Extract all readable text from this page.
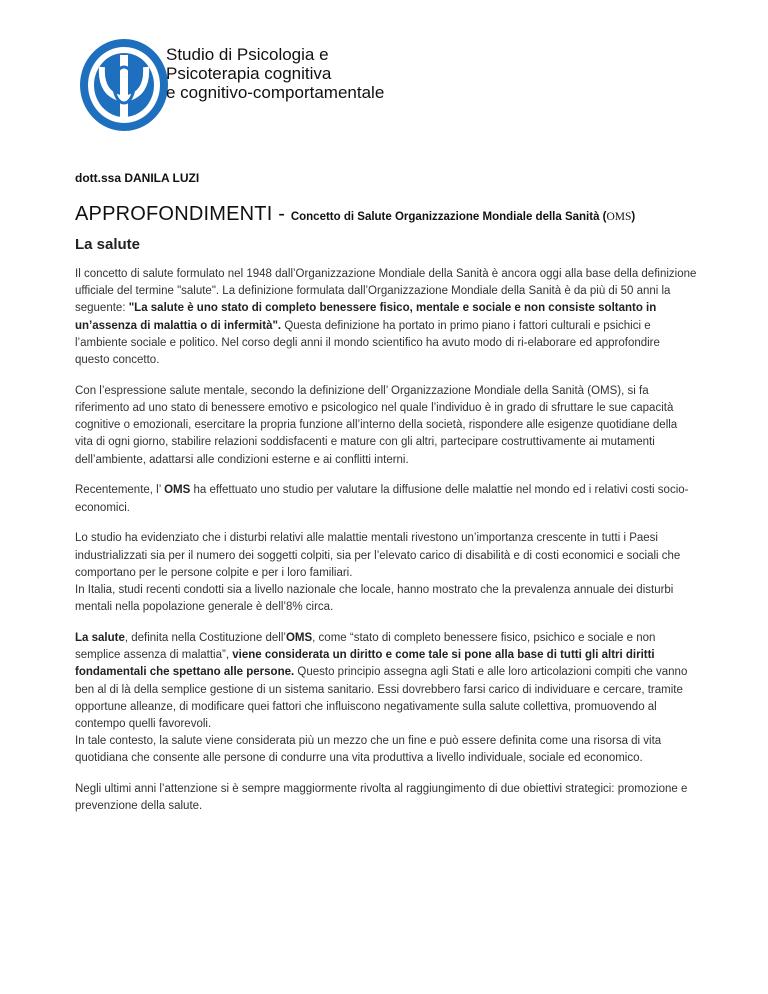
Studio di Psicologia e
Psicoterapia cognitiva
e cognitivo-comportamentale
dott.ssa DANILA LUZI
APPROFONDIMENTI - Concetto di Salute Organizzazione Mondiale della Sanità (OMS)
La salute

Il concetto di salute formulato nel 1948 dall’Organizzazione Mondiale della Sanità è ancora oggi alla base della definizione ufficiale del termine "salute". La definizione formulata dall’Organizzazione Mondiale della Sanità è da più di 50 anni la seguente: "La salute è uno stato di completo benessere fisico, mentale e sociale e non consiste soltanto in un’assenza di malattia o di infermità". Questa definizione ha portato in primo piano i fattori culturali e psichici e l’ambiente sociale e politico. Nel corso degli anni il mondo scientifico ha avuto modo di ri-elaborare ed approfondire questo concetto.

Con l’espressione salute mentale, secondo la definizione dell’ Organizzazione Mondiale della Sanità (OMS), si fa riferimento ad uno stato di benessere emotivo e psicologico nel quale l’individuo è in grado di sfruttare le sue capacità cognitive o emozionali, esercitare la propria funzione all’interno della società, rispondere alle esigenze quotidiane della vita di ogni giorno, stabilire relazioni soddisfacenti e mature con gli altri, partecipare costruttivamente ai mutamenti dell’ambiente, adattarsi alle condizioni esterne e ai conflitti interni.

Recentemente, l’ OMS ha effettuato uno studio per valutare la diffusione delle malattie nel mondo ed i relativi costi socio-economici.

Lo studio ha evidenziato che i disturbi relativi alle malattie mentali rivestono un’importanza crescente in tutti i Paesi industrializzati sia per il numero dei soggetti colpiti, sia per l’elevato carico di disabilità e di costi economici e sociali che comportano per le persone colpite e per i loro familiari.
In Italia, studi recenti condotti sia a livello nazionale che locale, hanno mostrato che la prevalenza annuale dei disturbi mentali nella popolazione generale è dell’8% circa.

La salute, definita nella Costituzione dell’OMS, come “stato di completo benessere fisico, psichico e sociale e non semplice assenza di malattia”, viene considerata un diritto e come tale si pone alla base di tutti gli altri diritti fondamentali che spettano alle persone. Questo principio assegna agli Stati e alle loro articolazioni compiti che vanno ben al di là della semplice gestione di un sistema sanitario. Essi dovrebbero farsi carico di individuare e cercare, tramite opportune alleanze, di modificare quei fattori che influiscono negativamente sulla salute collettiva, promuovendo al contempo quelli favorevoli.
In tale contesto, la salute viene considerata più un mezzo che un fine e può essere definita come una risorsa di vita quotidiana che consente alle persone di condurre una vita produttiva a livello individuale, sociale ed economico.

Negli ultimi anni l’attenzione si è sempre maggiormente rivolta al raggiungimento di due obiettivi strategici: promozione e prevenzione della salute.
